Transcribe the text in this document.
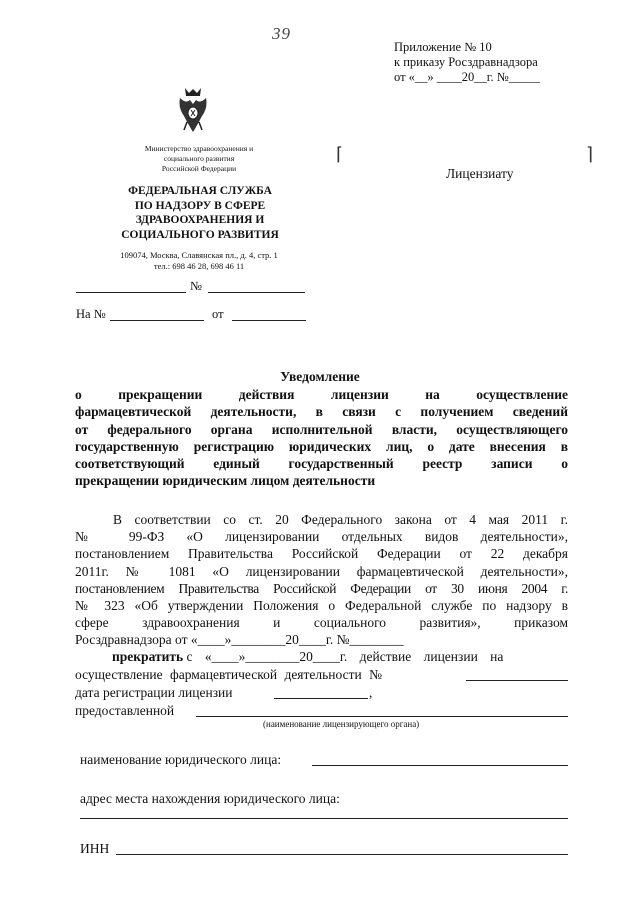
39
Приложение № 10
к приказу Росздравнадзора
от «__» ____20__г. №_____
Министерство здравоохранения и
социального развития
Российской Федерации
ФЕДЕРАЛЬНАЯ СЛУЖБА
ПО НАДЗОРУ В СФЕРЕ
ЗДРАВООХРАНЕНИЯ И
СОЦИАЛЬНОГО РАЗВИТИЯ
109074, Москва, Славянская пл., д. 4, стр. 1
тел.: 698 46 28, 698 46 11
№
На №	от
⌈	⌉
Лицензиату
Уведомление
о прекращении действия лицензии на осуществление
фармацевтической деятельности, в связи с получением сведений
от федерального органа исполнительной власти, осуществляющего
государственную регистрацию юридических лиц, о дате внесения в
соответствующий единый государственный реестр записи о
прекращении юридическим лицом деятельности
В соответствии со ст. 20 Федерального закона от 4 мая 2011 г.
№ 99-ФЗ «О лицензировании отдельных видов деятельности»,
постановлением Правительства Российской Федерации от 22 декабря
2011г. № 1081 «О лицензировании фармацевтической деятельности»,
постановлением Правительства Российской Федерации от 30 июня 2004 г.
№ 323 «Об утверждении Положения о Федеральной службе по надзору в
сфере здравоохранения и социального развития», приказом
Росздравнадзора от «____»________20____г. №________
прекратить с «____»________20____г. действие лицензии на
осуществление фармацевтической деятельности №
дата регистрации лицензии	,
предоставленной
(наименование лицензирующего органа)
наименование юридического лица:
адрес места нахождения юридического лица:
ИНН
